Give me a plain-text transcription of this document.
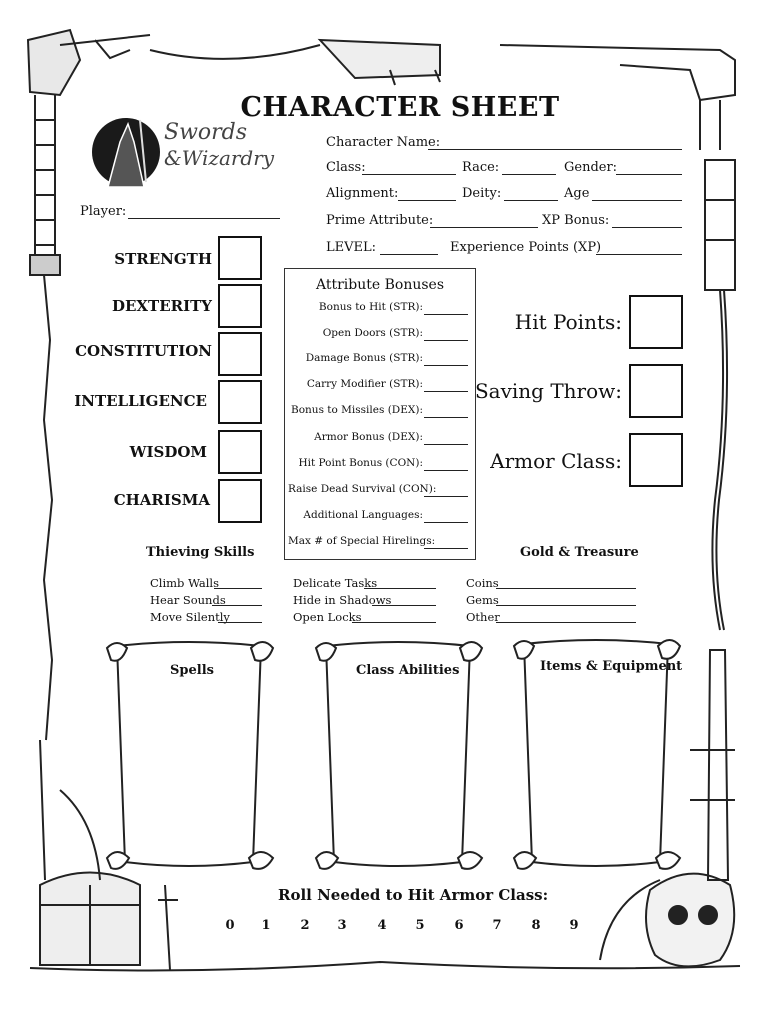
Swords
&Wizardry
CHARACTER SHEET
Player:
Character Name:
Class:	Race:	Gender:
Alignment:	Deity:	Age
Prime Attribute:	XP Bonus:
LEVEL:	Experience Points (XP)
STRENGTH
DEXTERITY
CONSTITUTION
INTELLIGENCE
WISDOM
CHARISMA
Attribute Bonuses
Bonus to Hit (STR):
Open Doors (STR):
Damage Bonus (STR):
Carry Modifier (STR):
Bonus to Missiles (DEX):
Armor Bonus (DEX):
Hit Point Bonus (CON):
Raise Dead Survival (CON):
Additional Languages:
Max # of Special Hirelings:
Hit Points:
Saving Throw:
Armor Class:
Thieving Skills
Climb Walls
Hear Sounds
Move Silently
Delicate Tasks
Hide in Shadows
Open Locks
Gold & Treasure
Coins
Gems
Other
Spells	Class Abilities	Items & Equipment
Roll Needed to Hit Armor Class:
0	1	2	3	4	5	6	7	8	9
